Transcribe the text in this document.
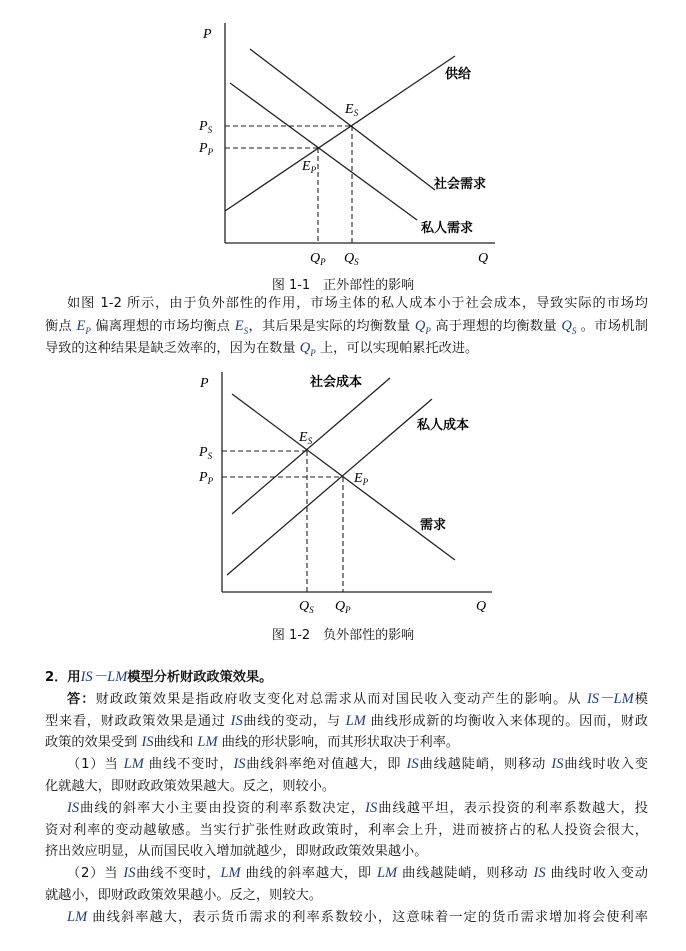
P
Q
$P_S$
$P_P$
$Q_P$ $Q_S$
$E_S$
$E_P$
供给
社会需求
私人需求
图 1-1　正外部性的影响
如图 1-2 所示，由于负外部性的作用，市场主体的私人成本小于社会成本，导致实际的市场均
衡点 $E_P$ 偏离理想的市场均衡点 $E_S$，其后果是实际的均衡数量 $Q_P$ 高于理想的均衡数量 $Q_S$ 。市场机制
导致的这种结果是缺乏效率的，因为在数量 $Q_P$ 上，可以实现帕累托改进。
P
Q
$P_S$
$P_P$
$Q_S$ $Q_P$
$E_S$
$E_P$
社会成本
私人成本
需求
图 1-2　负外部性的影响
2．用IS－LM模型分析财政政策效果。
答：财政政策效果是指政府收支变化对总需求从而对国民收入变动产生的影响。从 IS－LM模
型来看，财政政策效果是通过 IS曲线的变动，与 LM 曲线形成新的均衡收入来体现的。因而，财政
政策的效果受到 IS曲线和 LM 曲线的形状影响，而其形状取决于利率。
（1）当 LM 曲线不变时，IS曲线斜率绝对值越大，即 IS曲线越陡峭，则移动 IS曲线时收入变
化就越大，即财政政策效果越大。反之，则较小。
IS曲线的斜率大小主要由投资的利率系数决定，IS曲线越平坦，表示投资的利率系数越大，投
资对利率的变动越敏感。当实行扩张性财政政策时，利率会上升，进而被挤占的私人投资会很大，
挤出效应明显，从而国民收入增加就越少，即财政政策效果越小。
（2）当 IS曲线不变时，LM 曲线的斜率越大，即 LM 曲线越陡峭，则移动 IS 曲线时收入变动
就越小，即财政政策效果越小。反之，则较大。
LM 曲线斜率越大，表示货币需求的利率系数较小，这意味着一定的货币需求增加将会使利率
